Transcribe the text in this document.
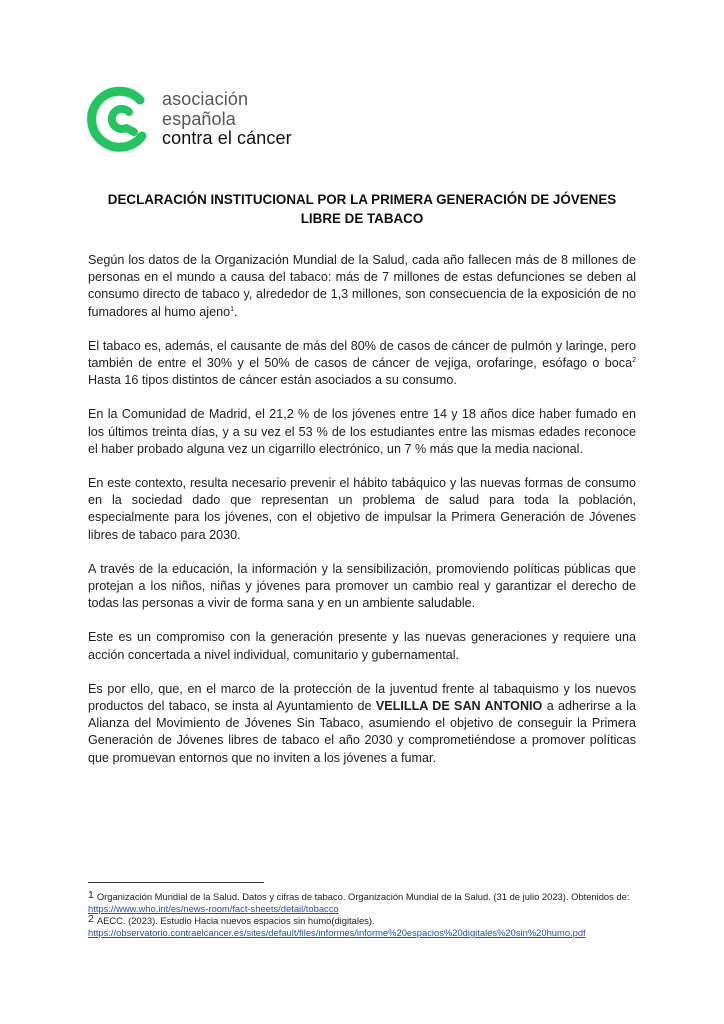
asociación
española
contra el cáncer
DECLARACIÓN INSTITUCIONAL POR LA PRIMERA GENERACIÓN DE JÓVENES
LIBRE DE TABACO

Según los datos de la Organización Mundial de la Salud, cada año fallecen más de 8 millones de personas en el mundo a causa del tabaco: más de 7 millones de estas defunciones se deben al consumo directo de tabaco y, alrededor de 1,3 millones, son consecuencia de la exposición de no fumadores al humo ajeno$^1$.

El tabaco es, además, el causante de más del 80% de casos de cáncer de pulmón y laringe, pero también de entre el 30% y el 50% de casos de cáncer de vejiga, orofaringe, esófago o boca$^2$ Hasta 16 tipos distintos de cáncer están asociados a su consumo.

En la Comunidad de Madrid, el 21,2 % de los jóvenes entre 14 y 18 años dice haber fumado en los últimos treinta días, y a su vez el 53 % de los estudiantes entre las mismas edades reconoce el haber probado alguna vez un cigarrillo electrónico, un 7 % más que la media nacional.

En este contexto, resulta necesario prevenir el hábito tabáquico y las nuevas formas de consumo en la sociedad dado que representan un problema de salud para toda la población, especialmente para los jóvenes, con el objetivo de impulsar la Primera Generación de Jóvenes libres de tabaco para 2030.

A través de la educación, la información y la sensibilización, promoviendo políticas públicas que protejan a los niños, niñas y jóvenes para promover un cambio real y garantizar el derecho de todas las personas a vivir de forma sana y en un ambiente saludable.

Este es un compromiso con la generación presente y las nuevas generaciones y requiere una acción concertada a nivel individual, comunitario y gubernamental.

Es por ello, que, en el marco de la protección de la juventud frente al tabaquismo y los nuevos productos del tabaco, se insta al Ayuntamiento de VELILLA DE SAN ANTONIO a adherirse a la Alianza del Movimiento de Jóvenes Sin Tabaco, asumiendo el objetivo de conseguir la Primera Generación de Jóvenes libres de tabaco el año 2030 y comprometiéndose a promover políticas que promuevan entornos que no inviten a los jóvenes a fumar.

1 Organización Mundial de la Salud. Datos y cifras de tabaco. Organización Mundial de la Salud. (31 de julio 2023). Obtenidos de: https://www.who.int/es/news-room/fact-sheets/detail/tobacco
2 AECC. (2023). Estudio Hacia nuevos espacios sin humo(digitales).
https://observatorio.contraelcancer.es/sites/default/files/informes/informe%20espacios%20digitales%20sin%20humo.pdf
